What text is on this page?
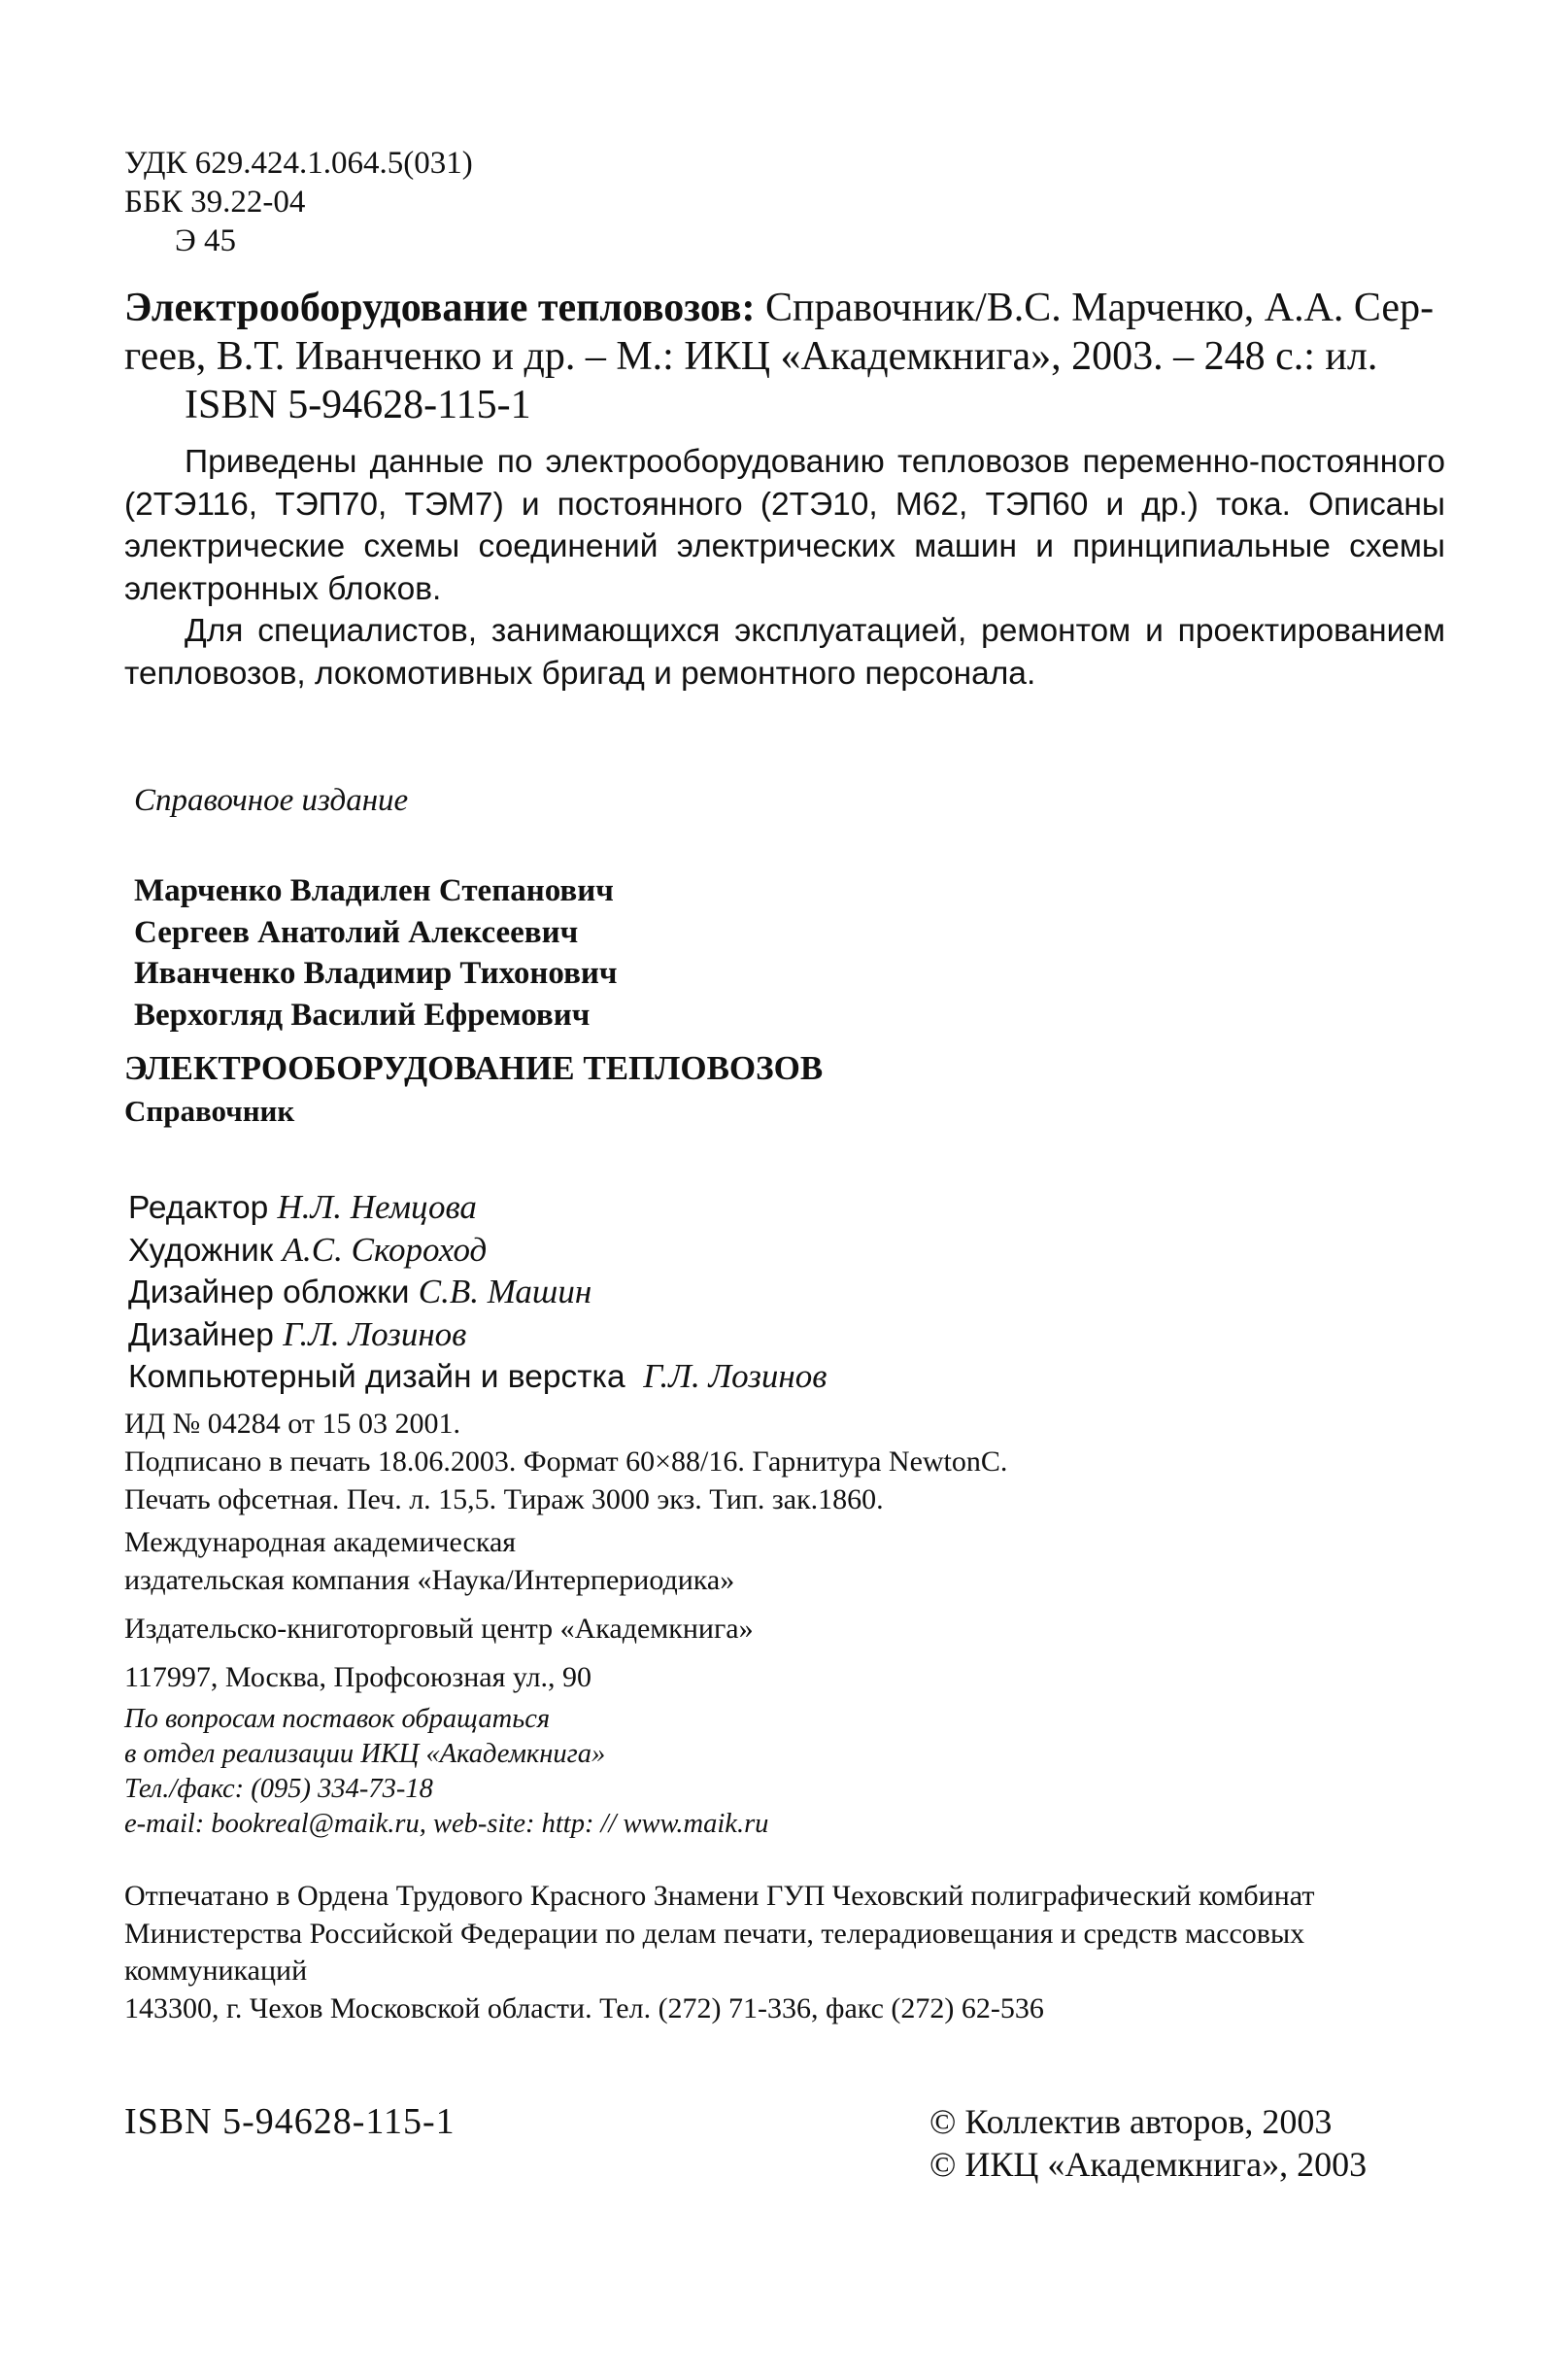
УДК 629.424.1.064.5(031)
ББК 39.22-04
Э 45
Электрооборудование тепловозов: Справочник/В.С. Марченко, А.А. Сер-
геев, В.Т. Иванченко и др. – М.: ИКЦ «Академкнига», 2003. – 248 с.: ил.
ISBN 5-94628-115-1
Приведены данные по электрооборудованию тепловозов переменно-постоянного (2ТЭ116, ТЭП70, ТЭМ7) и постоянного (2ТЭ10, М62, ТЭП60 и др.) тока. Описаны электрические схемы соединений электрических машин и принципиальные схемы электронных блоков.
Для специалистов, занимающихся эксплуатацией, ремонтом и проектированием тепловозов, локомотивных бригад и ремонтного персонала.
Справочное издание
Марченко Владилен Степанович
Сергеев Анатолий Алексеевич
Иванченко Владимир Тихонович
Верхогляд Василий Ефремович
ЭЛЕКТРООБОРУДОВАНИЕ ТЕПЛОВОЗОВ
Справочник
Редактор Н.Л. Немцова
Художник А.С. Скороход
Дизайнер обложки С.В. Машин
Дизайнер Г.Л. Лозинов
Компьютерный дизайн и верстка Г.Л. Лозинов
ИД № 04284 от 15 03 2001.
Подписано в печать 18.06.2003. Формат 60×88/16. Гарнитура NewtonC.
Печать офсетная. Печ. л. 15,5. Тираж 3000 экз. Тип. зак.1860.
Международная академическая
издательская компания «Наука/Интерпериодика»
Издательско-книготорговый центр «Академкнига»
117997, Москва, Профсоюзная ул., 90
По вопросам поставок обращаться
в отдел реализации ИКЦ «Академкнига»
Тел./факс: (095) 334-73-18
e-mail: bookreal@maik.ru, web-site: http: // www.maik.ru
Отпечатано в Ордена Трудового Красного Знамени ГУП Чеховский полиграфический комбинат Министерства Российской Федерации по делам печати, телерадиовещания и средств массовых коммуникаций
143300, г. Чехов Московской области. Тел. (272) 71-336, факс (272) 62-536
ISBN 5-94628-115-1	© Коллектив авторов, 2003
© ИКЦ «Академкнига», 2003
